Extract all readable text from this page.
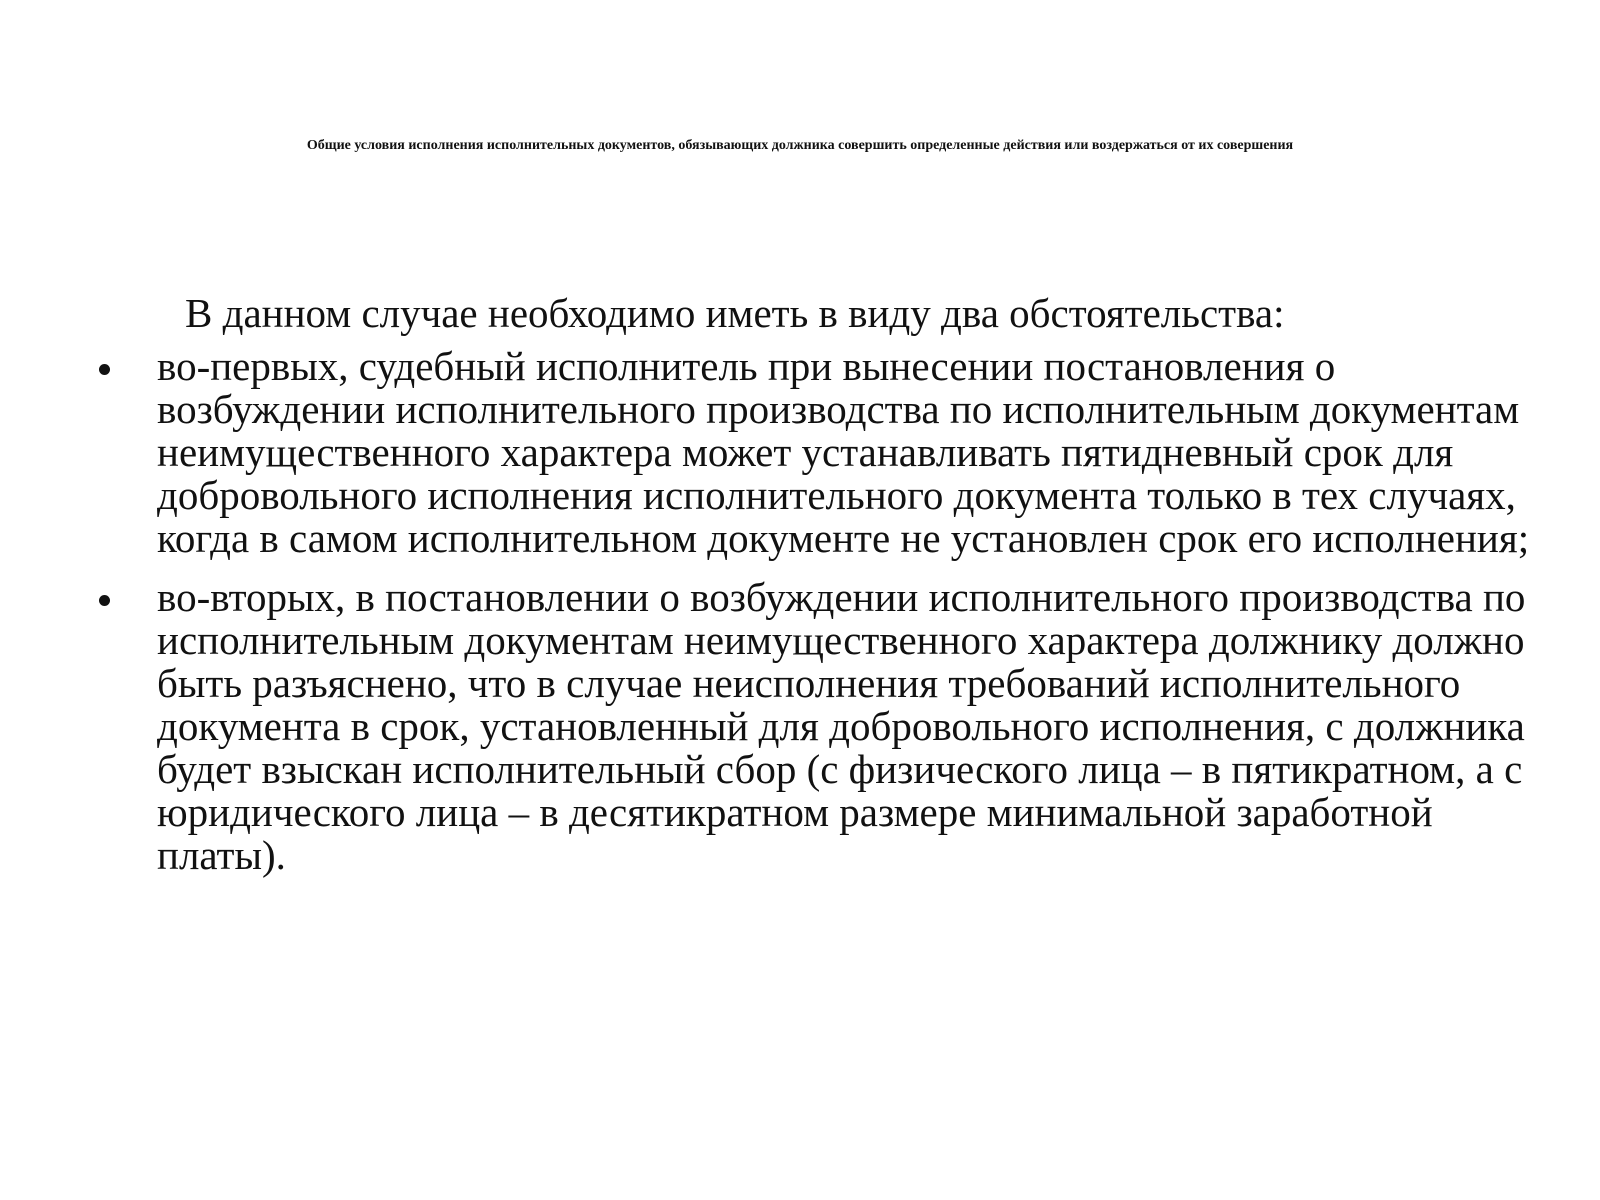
Общие условия исполнения исполнительных документов, обязывающих должника совершить определенные действия или воздержаться от их совершения

В данном случае необходимо иметь в виду два обстоятельства:

во-первых, судебный исполнитель при вынесении постановления о возбуждении исполнительного производства по исполнительным документам неимущественного характера может устанавливать пятидневный срок для добровольного исполнения исполнительного документа только в тех случаях, когда в самом исполнительном документе не установлен срок его исполнения;
во-вторых, в постановлении о возбуждении исполнительного производства по исполнительным документам неимущественного характера должнику должно быть разъяснено, что в случае неисполнения требований исполнительного документа в срок, установленный для добровольного исполнения, с должника будет взыскан исполнительный сбор (с физического лица – в пятикратном, а с юридического лица – в десятикратном размере минимальной заработной платы).
